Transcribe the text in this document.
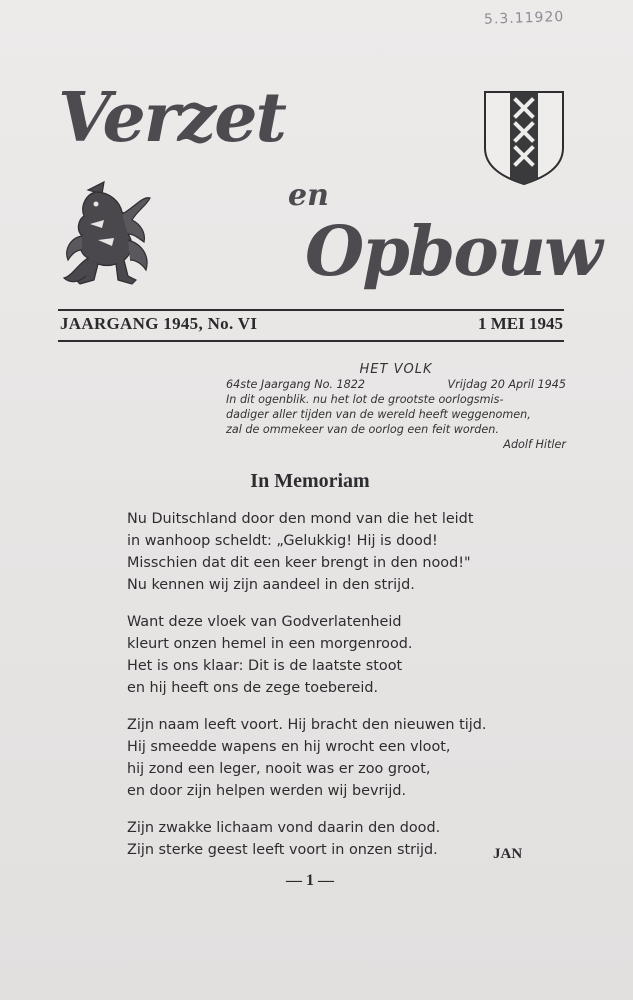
5.3.11920
Verzet
en
Opbouw
JAARGANG 1945, No. VI	1 MEI 1945
HET VOLK
64ste Jaargang No. 1822	Vrijdag 20 April 1945
In dit ogenblik. nu het lot de grootste oorlogsmis-
dadiger aller tijden van de wereld heeft weggenomen,
zal de ommekeer van de oorlog een feit worden.
Adolf Hitler
In Memoriam
Nu Duitschland door den mond van die het leidt
in wanhoop scheldt: „Gelukkig! Hij is dood!
Misschien dat dit een keer brengt in den nood!"
Nu kennen wij zijn aandeel in den strijd.
Want deze vloek van Godverlatenheid
kleurt onzen hemel in een morgenrood.
Het is ons klaar: Dit is de laatste stoot
en hij heeft ons de zege toebereid.
Zijn naam leeft voort. Hij bracht den nieuwen tijd.
Hij smeedde wapens en hij wrocht een vloot,
hij zond een leger, nooit was er zoo groot,
en door zijn helpen werden wij bevrijd.
Zijn zwakke lichaam vond daarin den dood.
Zijn sterke geest leeft voort in onzen strijd.	JAN
— 1 —
